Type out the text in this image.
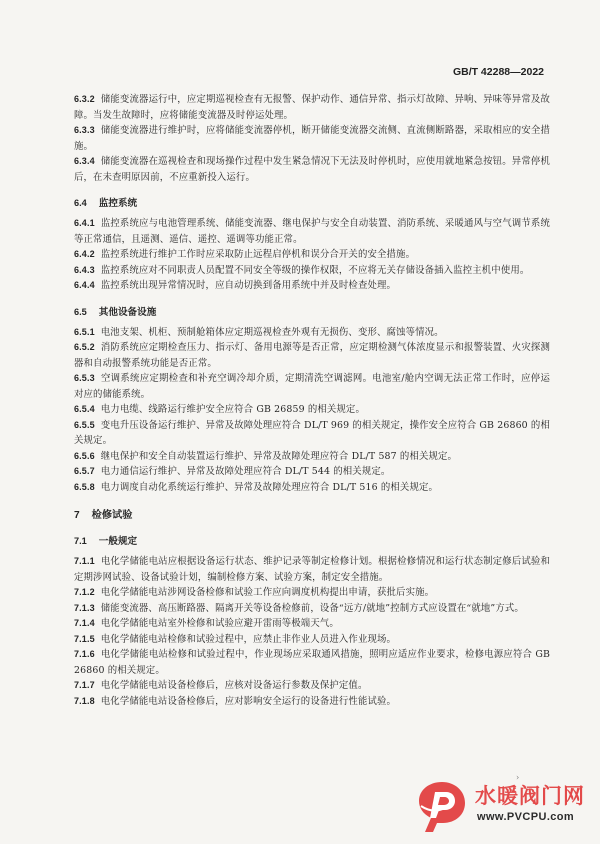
GB/T 42288—2022
6.3.2 储能变流器运行中，应定期巡视检查有无报警、保护动作、通信异常、指示灯故障、异响、异味等异常及故障。当发生故障时，应将储能变流器及时停运处理。
6.3.3 储能变流器进行维护时，应将储能变流器停机，断开储能变流器交流侧、直流侧断路器，采取相应的安全措施。
6.3.4 储能变流器在巡视检查和现场操作过程中发生紧急情况下无法及时停机时，应使用就地紧急按钮。异常停机后，在未查明原因前，不应重新投入运行。
6.4 监控系统
6.4.1 监控系统应与电池管理系统、储能变流器、继电保护与安全自动装置、消防系统、采暖通风与空气调节系统等正常通信，且遥测、遥信、遥控、遥调等功能正常。
6.4.2 监控系统进行维护工作时应采取防止远程启停机和误分合开关的安全措施。
6.4.3 监控系统应对不同职责人员配置不同安全等级的操作权限，不应将无关存储设备插入监控主机中使用。
6.4.4 监控系统出现异常情况时，应自动切换到备用系统中并及时检查处理。
6.5 其他设备设施
6.5.1 电池支架、机柜、预制舱箱体应定期巡视检查外观有无损伤、变形、腐蚀等情况。
6.5.2 消防系统应定期检查压力、指示灯、备用电源等是否正常，应定期检测气体浓度显示和报警装置、火灾探测器和自动报警系统功能是否正常。
6.5.3 空调系统应定期检查和补充空调冷却介质，定期清洗空调滤网。电池室/舱内空调无法正常工作时，应停运对应的储能系统。
6.5.4 电力电缆、线路运行维护安全应符合 GB 26859 的相关规定。
6.5.5 变电升压设备运行维护、异常及故障处理应符合 DL/T 969 的相关规定，操作安全应符合 GB 26860 的相关规定。
6.5.6 继电保护和安全自动装置运行维护、异常及故障处理应符合 DL/T 587 的相关规定。
6.5.7 电力通信运行维护、异常及故障处理应符合 DL/T 544 的相关规定。
6.5.8 电力调度自动化系统运行维护、异常及故障处理应符合 DL/T 516 的相关规定。
7 检修试验
7.1 一般规定
7.1.1 电化学储能电站应根据设备运行状态、维护记录等制定检修计划。根据检修情况和运行状态制定修后试验和定期涉网试验、设备试验计划，编制检修方案、试验方案，制定安全措施。
7.1.2 电化学储能电站涉网设备检修和试验工作应向调度机构提出申请，获批后实施。
7.1.3 储能变流器、高压断路器、隔离开关等设备检修前，设备“远方/就地”控制方式应设置在“就地”方式。
7.1.4 电化学储能电站室外检修和试验应避开雷雨等极端天气。
7.1.5 电化学储能电站检修和试验过程中，应禁止非作业人员进入作业现场。
7.1.6 电化学储能电站检修和试验过程中，作业现场应采取通风措施，照明应适应作业要求，检修电源应符合 GB 26860 的相关规定。
7.1.7 电化学储能电站设备检修后，应核对设备运行参数及保护定值。
7.1.8 电化学储能电站设备检修后，应对影响安全运行的设备进行性能试验。
›
水暖阀门网
www.PVCPU.com
